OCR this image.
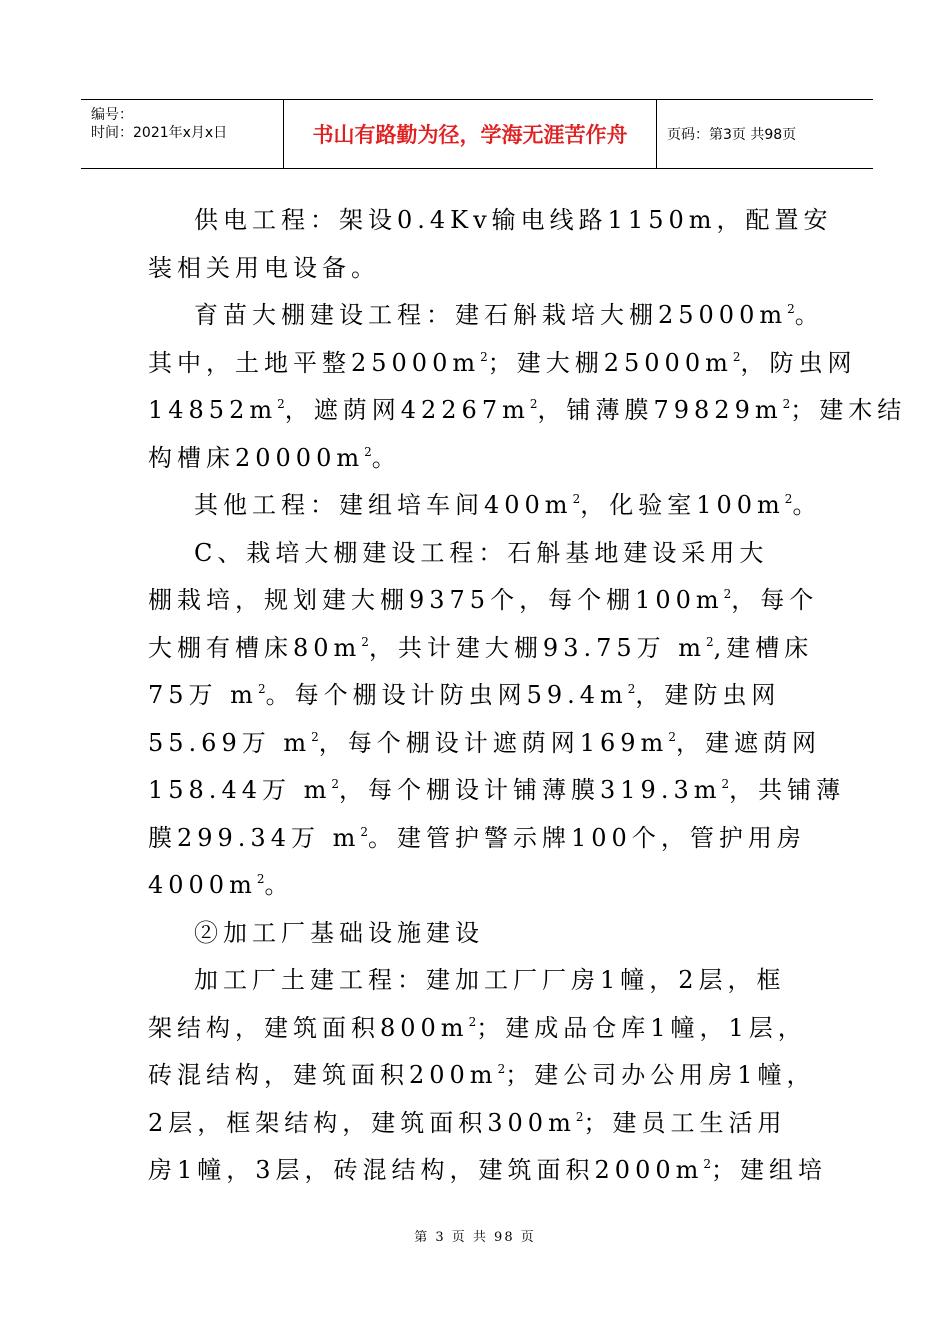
编号：
时间：2021年x月x日	书山有路勤为径，学海无涯苦作舟	页码：第3页 共98页
供电工程：架设0.4Kv输电线路1150m，配置安
装相关用电设备。
育苗大棚建设工程：建石斛栽培大棚$25000m^2$。
其中，土地平整$25000m^2$；建大棚$25000m^2$，防虫网
$14852m^2$，遮荫网$42267m^2$，铺薄膜$79829m^2$；建木结
构槽床$20000m^2$。
其他工程：建组培车间$400m^2$，化验室$100m^2$。
C、栽培大棚建设工程：石斛基地建设采用大
棚栽培，规划建大棚9375个，每个棚$100m^2$，每个
大棚有槽床$80m^2$，共计建大棚93.75万 $m^2$,建槽床
75万 $m^2$。每个棚设计防虫网$59.4m^2$，建防虫网
55.69万 $m^2$，每个棚设计遮荫网$169m^2$，建遮荫网
158.44万 $m^2$，每个棚设计铺薄膜$319.3m^2$，共铺薄
膜299.34万 $m^2$。建管护警示牌100个，管护用房
$4000m^2$。
②加工厂基础设施建设
加工厂土建工程：建加工厂厂房1幢，2层，框
架结构，建筑面积$800m^2$；建成品仓库1幢，1层，
砖混结构，建筑面积$200m^2$；建公司办公用房1幢，
2层，框架结构，建筑面积$300m^2$；建员工生活用
房1幢，3层，砖混结构，建筑面积$2000m^2$；建组培
第 3 页 共 98 页
